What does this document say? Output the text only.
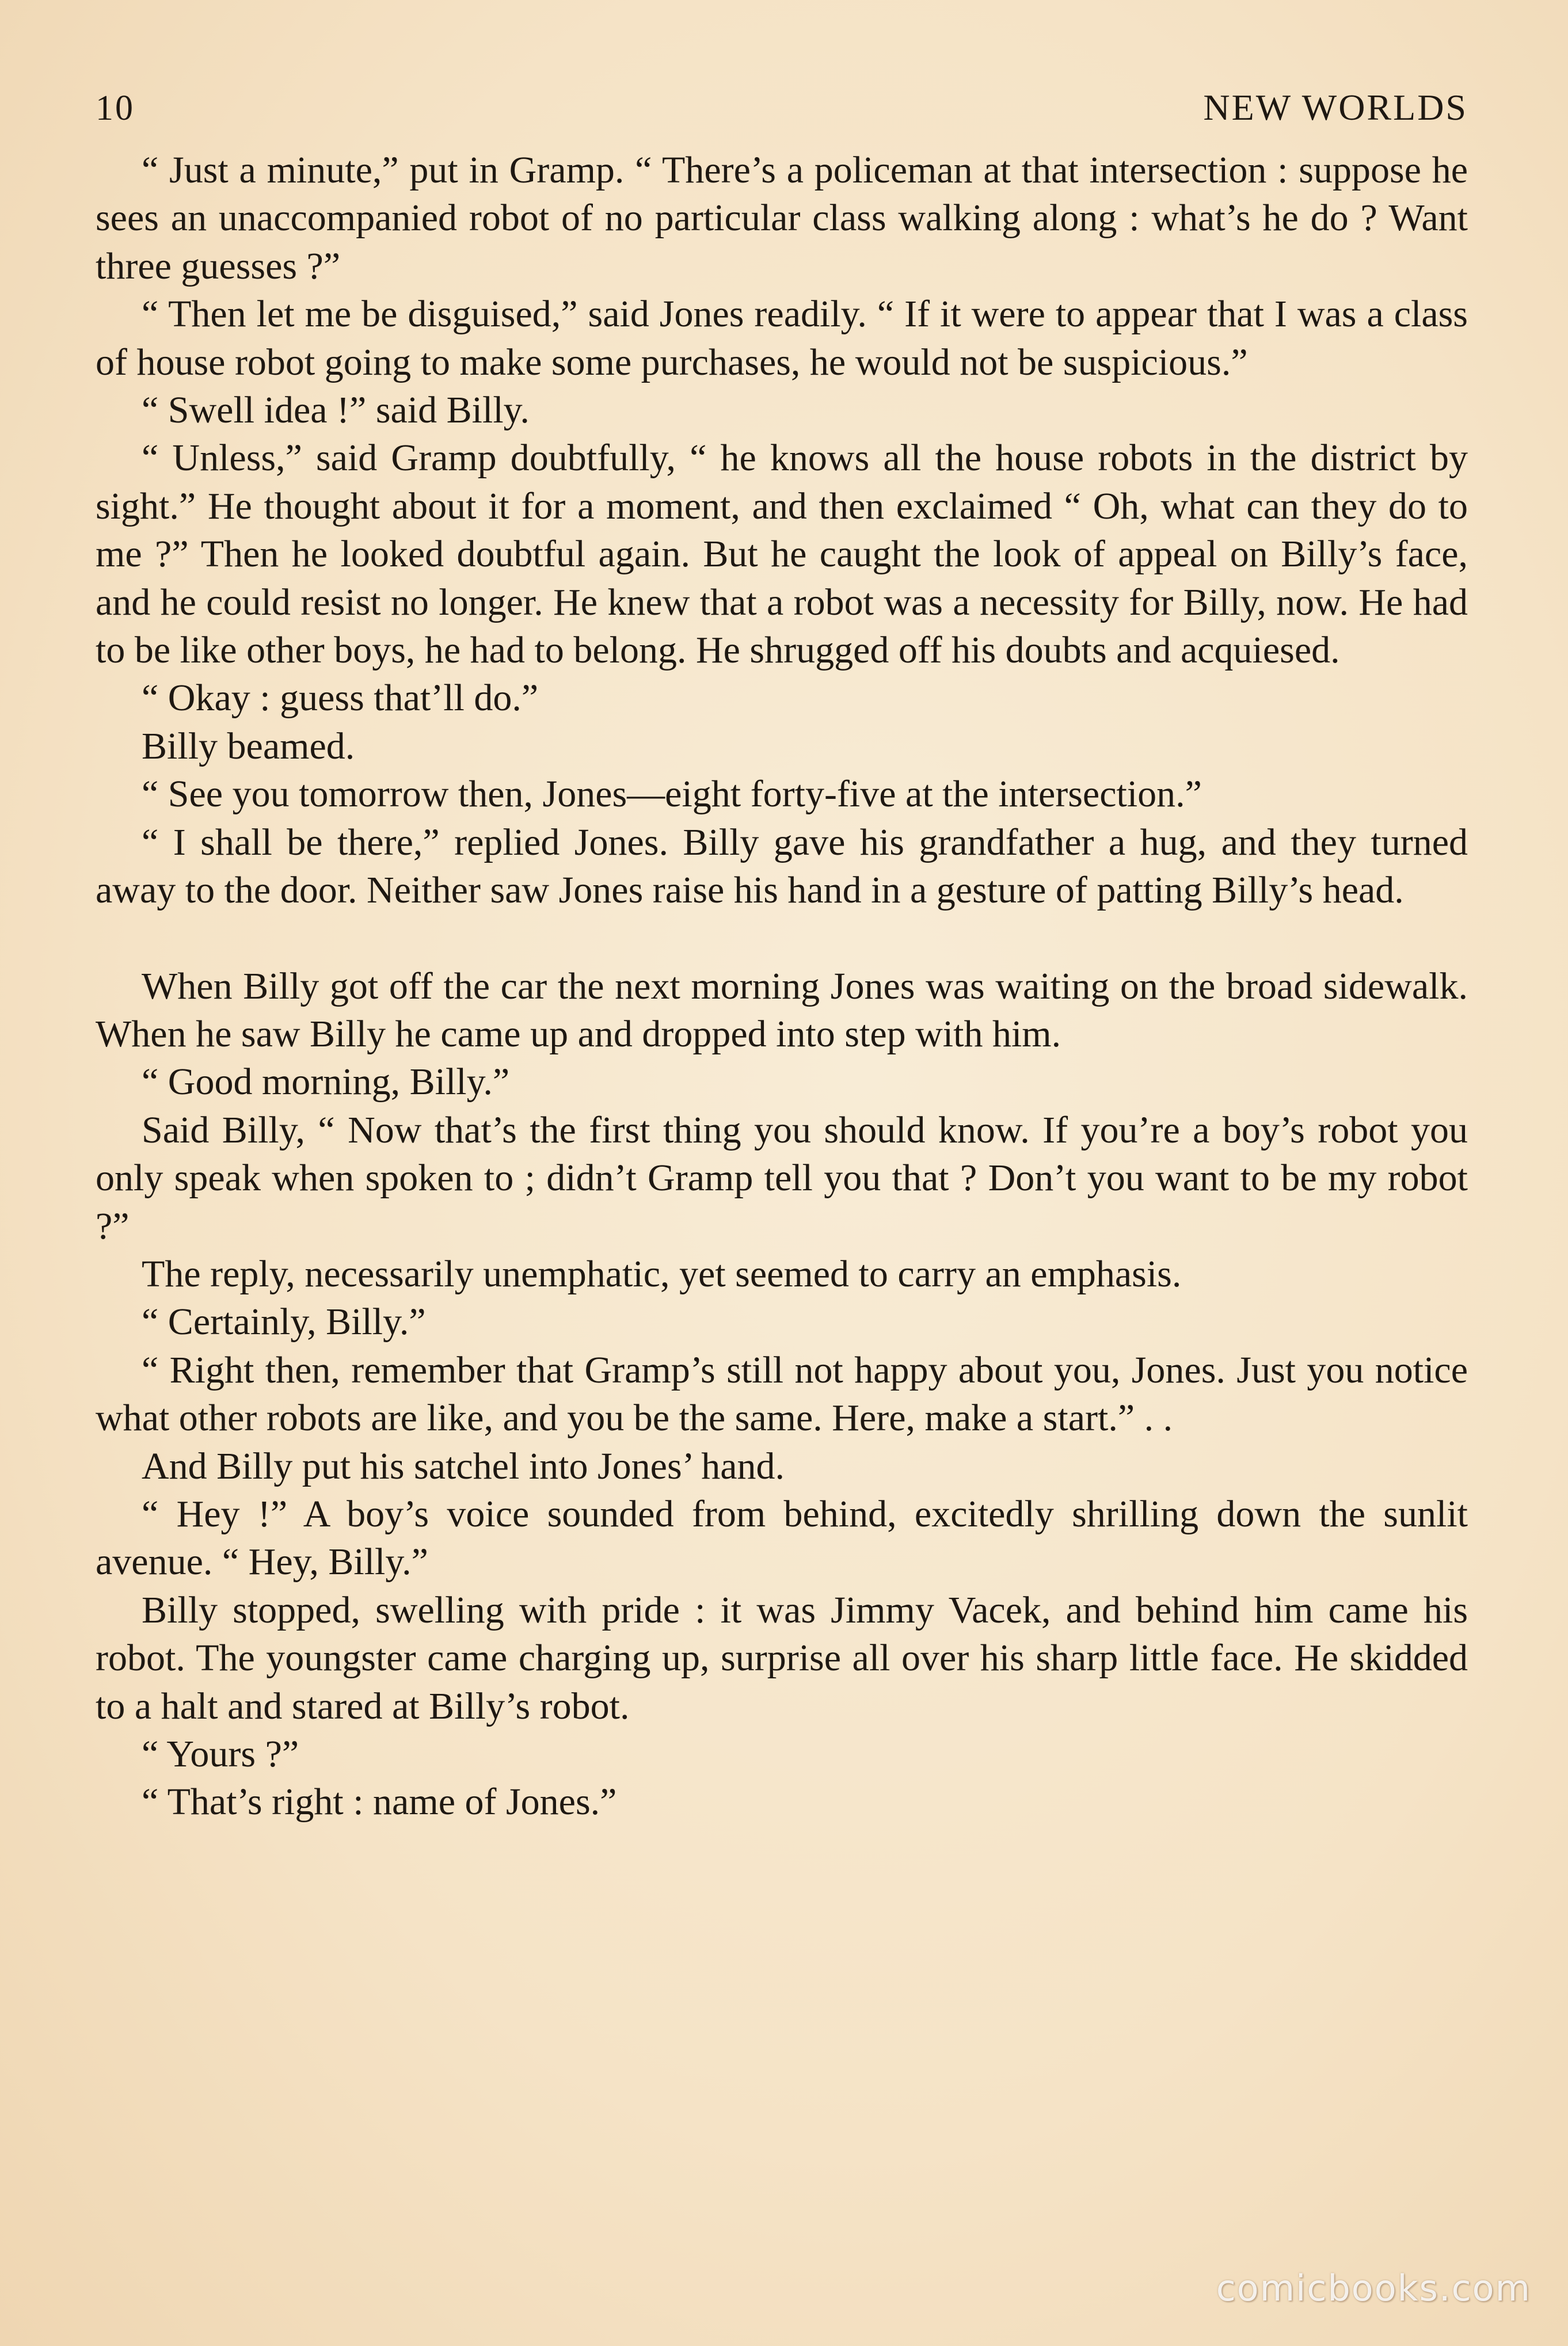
10	NEW WORLDS

“ Just a minute,” put in Gramp. “ There’s a policeman at that intersection : suppose he sees an unaccompanied robot of no particular class walking along : what’s he do ? Want three guesses ?”

“ Then let me be disguised,” said Jones readily. “ If it were to appear that I was a class of house robot going to make some purchases, he would not be suspicious.”

“ Swell idea !” said Billy.

“ Unless,” said Gramp doubtfully, “ he knows all the house robots in the district by sight.” He thought about it for a moment, and then exclaimed “ Oh, what can they do to me ?” Then he looked doubtful again. But he caught the look of appeal on Billy’s face, and he could resist no longer. He knew that a robot was a necessity for Billy, now. He had to be like other boys, he had to belong. He shrugged off his doubts and acquiesed.

“ Okay : guess that’ll do.”

Billy beamed.

“ See you tomorrow then, Jones—eight forty-five at the intersection.”

“ I shall be there,” replied Jones. Billy gave his grandfather a hug, and they turned away to the door. Neither saw Jones raise his hand in a gesture of patting Billy’s head.

When Billy got off the car the next morning Jones was waiting on the broad sidewalk. When he saw Billy he came up and dropped into step with him.

“ Good morning, Billy.”

Said Billy, “ Now that’s the first thing you should know. If you’re a boy’s robot you only speak when spoken to ; didn’t Gramp tell you that ? Don’t you want to be my robot ?”

The reply, necessarily unemphatic, yet seemed to carry an emphasis.

“ Certainly, Billy.”

“ Right then, remember that Gramp’s still not happy about you, Jones. Just you notice what other robots are like, and you be the same. Here, make a start.” . .

And Billy put his satchel into Jones’ hand.

“ Hey !” A boy’s voice sounded from behind, excitedly shrilling down the sunlit avenue. “ Hey, Billy.”

Billy stopped, swelling with pride : it was Jimmy Vacek, and behind him came his robot. The youngster came charging up, surprise all over his sharp little face. He skidded to a halt and stared at Billy’s robot.

“ Yours ?”

“ That’s right : name of Jones.”

comicbooks.com
